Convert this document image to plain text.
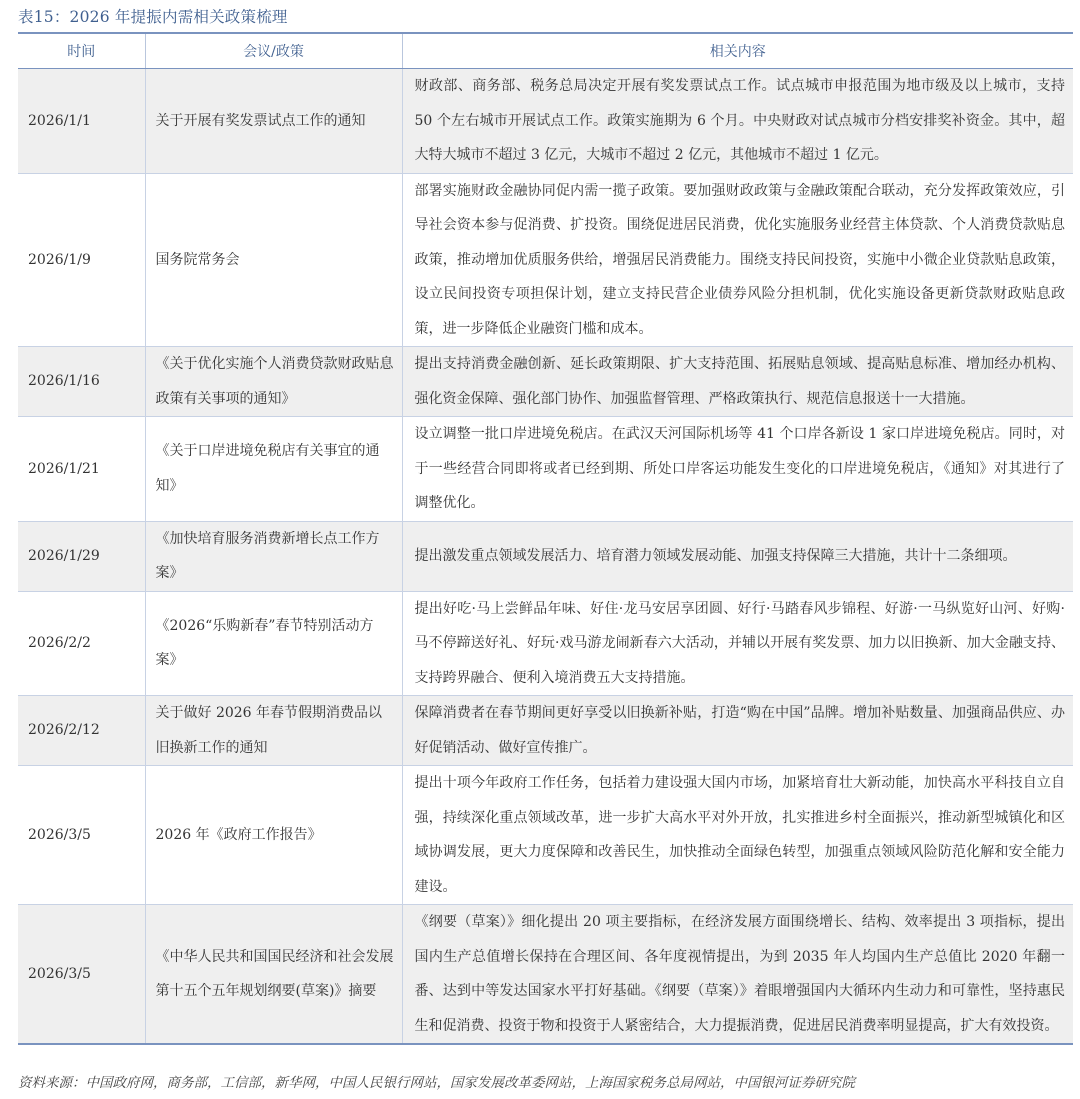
表15：2026 年提振内需相关政策梳理
时间	会议/政策	相关内容
2026/1/1	关于开展有奖发票试点工作的通知	财政部、商务部、税务总局决定开展有奖发票试点工作。试点城市申报范围为地市级及以上城市，支持 50 个左右城市开展试点工作。政策实施期为 6 个月。中央财政对试点城市分档安排奖补资金。其中，超大特大城市不超过 3 亿元，大城市不超过 2 亿元，其他城市不超过 1 亿元。
2026/1/9	国务院常务会	部署实施财政金融协同促内需一揽子政策。要加强财政政策与金融政策配合联动，充分发挥政策效应，引导社会资本参与促消费、扩投资。围绕促进居民消费，优化实施服务业经营主体贷款、个人消费贷款贴息政策，推动增加优质服务供给，增强居民消费能力。围绕支持民间投资，实施中小微企业贷款贴息政策，设立民间投资专项担保计划，建立支持民营企业债券风险分担机制，优化实施设备更新贷款财政贴息政策，进一步降低企业融资门槛和成本。
2026/1/16	《关于优化实施个人消费贷款财政贴息政策有关事项的通知》	提出支持消费金融创新、延长政策期限、扩大支持范围、拓展贴息领域、提高贴息标准、增加经办机构、强化资金保障、强化部门协作、加强监督管理、严格政策执行、规范信息报送十一大措施。
2026/1/21	《关于口岸进境免税店有关事宜的通知》	设立调整一批口岸进境免税店。在武汉天河国际机场等 41 个口岸各新设 1 家口岸进境免税店。同时，对于一些经营合同即将或者已经到期、所处口岸客运功能发生变化的口岸进境免税店，《通知》对其进行了调整优化。
2026/1/29	《加快培育服务消费新增长点工作方案》	提出激发重点领域发展活力、培育潜力领域发展动能、加强支持保障三大措施，共计十二条细项。
2026/2/2	《2026“乐购新春”春节特别活动方案》	提出好吃·马上尝鲜品年味、好住·龙马安居享团圆、好行·马踏春风步锦程、好游·一马纵览好山河、好购·马不停蹄送好礼、好玩·戏马游龙闹新春六大活动，并辅以开展有奖发票、加力以旧换新、加大金融支持、支持跨界融合、便利入境消费五大支持措施。
2026/2/12	关于做好 2026 年春节假期消费品以旧换新工作的通知	保障消费者在春节期间更好享受以旧换新补贴，打造“购在中国”品牌。增加补贴数量、加强商品供应、办好促销活动、做好宣传推广。
2026/3/5	2026 年《政府工作报告》	提出十项今年政府工作任务，包括着力建设强大国内市场，加紧培育壮大新动能，加快高水平科技自立自强，持续深化重点领域改革，进一步扩大高水平对外开放，扎实推进乡村全面振兴，推动新型城镇化和区域协调发展，更大力度保障和改善民生，加快推动全面绿色转型，加强重点领域风险防范化解和安全能力建设。
2026/3/5	《中华人民共和国国民经济和社会发展第十五个五年规划纲要(草案)》摘要	《纲要（草案）》细化提出 20 项主要指标，在经济发展方面围绕增长、结构、效率提出 3 项指标，提出国内生产总值增长保持在合理区间、各年度视情提出，为到 2035 年人均国内生产总值比 2020 年翻一番、达到中等发达国家水平打好基础。《纲要（草案）》着眼增强国内大循环内生动力和可靠性，坚持惠民生和促消费、投资于物和投资于人紧密结合，大力提振消费，促进居民消费率明显提高，扩大有效投资。
资料来源：中国政府网，商务部，工信部，新华网，中国人民银行网站，国家发展改革委网站，上海国家税务总局网站，中国银河证券研究院
